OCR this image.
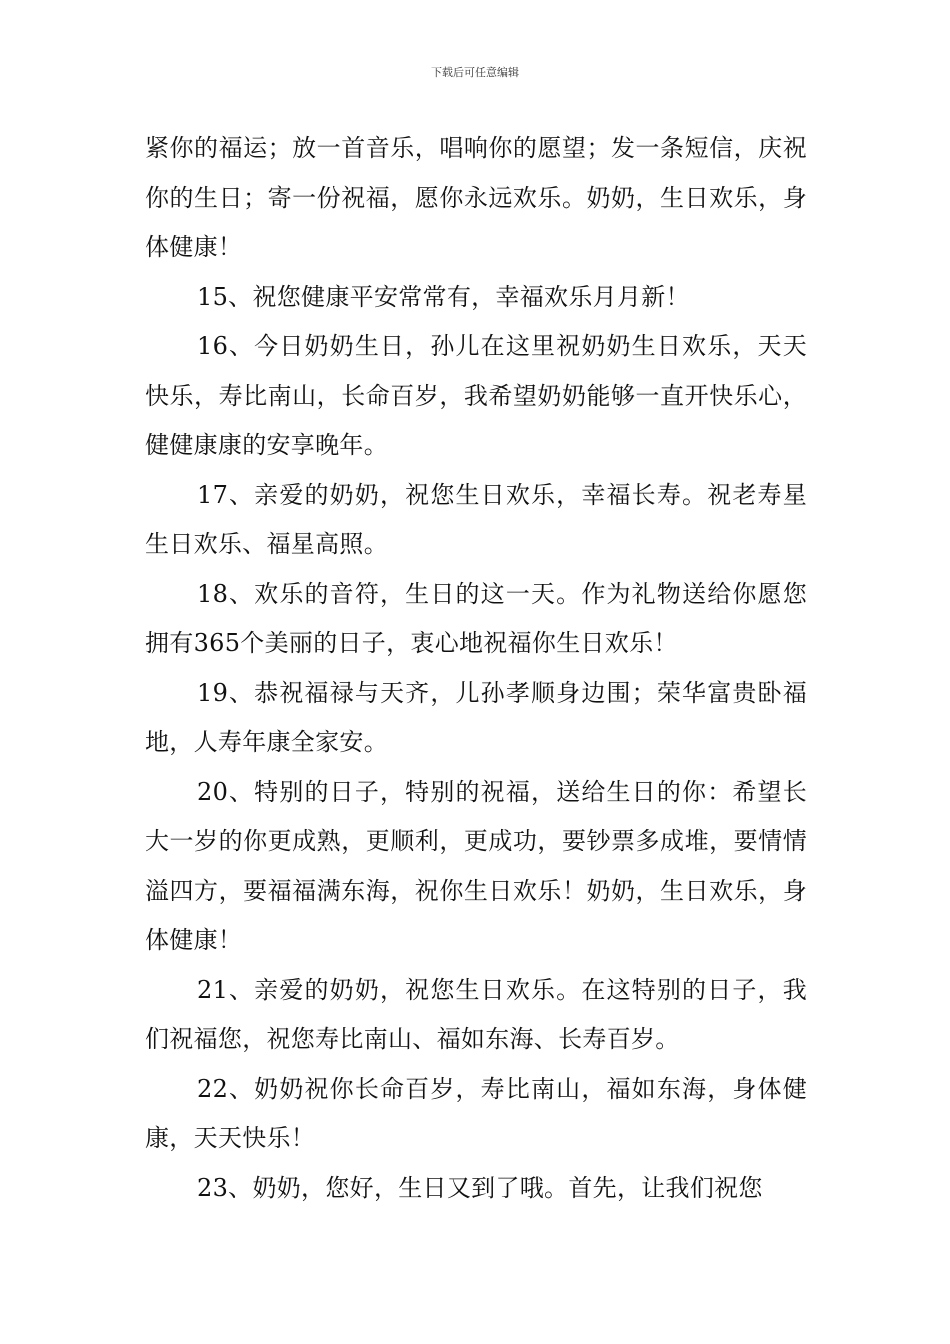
下载后可任意编辑

紧你的福运；放一首音乐，唱响你的愿望；发一条短信，庆祝你的生日；寄一份祝福，愿你永远欢乐。奶奶，生日欢乐，身体健康！

15、祝您健康平安常常有，幸福欢乐月月新！

16、今日奶奶生日，孙儿在这里祝奶奶生日欢乐，天天快乐，寿比南山，长命百岁，我希望奶奶能够一直开快乐心，健健康康的安享晚年。

17、亲爱的奶奶，祝您生日欢乐，幸福长寿。祝老寿星生日欢乐、福星高照。

18、欢乐的音符，生日的这一天。作为礼物送给你愿您拥有365个美丽的日子，衷心地祝福你生日欢乐！

19、恭祝福禄与天齐，儿孙孝顺身边围；荣华富贵卧福地，人寿年康全家安。

20、特别的日子，特别的祝福，送给生日的你：希望长大一岁的你更成熟，更顺利，更成功，要钞票多成堆，要情情溢四方，要福福满东海，祝你生日欢乐！奶奶，生日欢乐，身体健康！

21、亲爱的奶奶，祝您生日欢乐。在这特别的日子，我们祝福您，祝您寿比南山、福如东海、长寿百岁。

22、奶奶祝你长命百岁，寿比南山，福如东海，身体健康，天天快乐！

23、奶奶，您好，生日又到了哦。首先，让我们祝您
